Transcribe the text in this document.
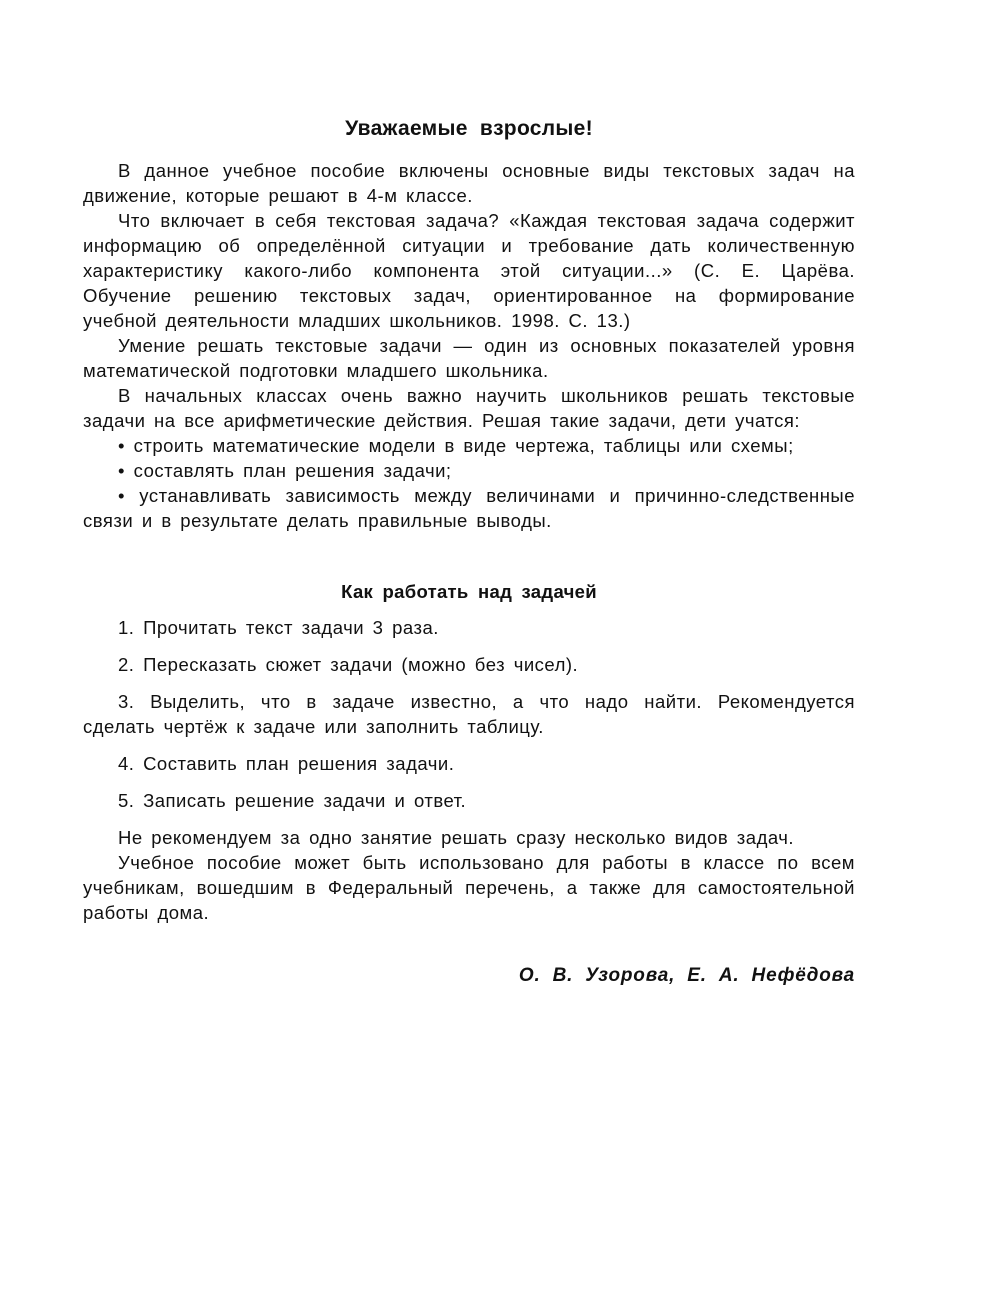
Уважаемые взрослые!

В данное учебное пособие включены основные виды текстовых задач на движение, которые решают в 4-м классе.

Что включает в себя текстовая задача? «Каждая текстовая задача содержит информацию об определённой ситуации и требование дать количественную характеристику какого-либо компонента этой ситуации...» (С. Е. Царёва. Обучение решению текстовых задач, ориентированное на формирование учебной деятельности младших школьников. 1998. С. 13.)

Умение решать текстовые задачи — один из основных показателей уровня математической подготовки младшего школьника.

В начальных классах очень важно научить школьников решать текстовые задачи на все арифметические действия. Решая такие задачи, дети учатся:

• строить математические модели в виде чертежа, таблицы или схемы;

• составлять план решения задачи;

• устанавливать зависимость между величинами и причинно-следственные связи и в результате делать правильные выводы.

Как работать над задачей

1. Прочитать текст задачи 3 раза.

2. Пересказать сюжет задачи (можно без чисел).

3. Выделить, что в задаче известно, а что надо найти. Рекомендуется сделать чертёж к задаче или заполнить таблицу.

4. Составить план решения задачи.

5. Записать решение задачи и ответ.

Не рекомендуем за одно занятие решать сразу несколько видов задач.

Учебное пособие может быть использовано для работы в классе по всем учебникам, вошедшим в Федеральный перечень, а также для самостоятельной работы дома.

О. В. Узорова, Е. А. Нефёдова
